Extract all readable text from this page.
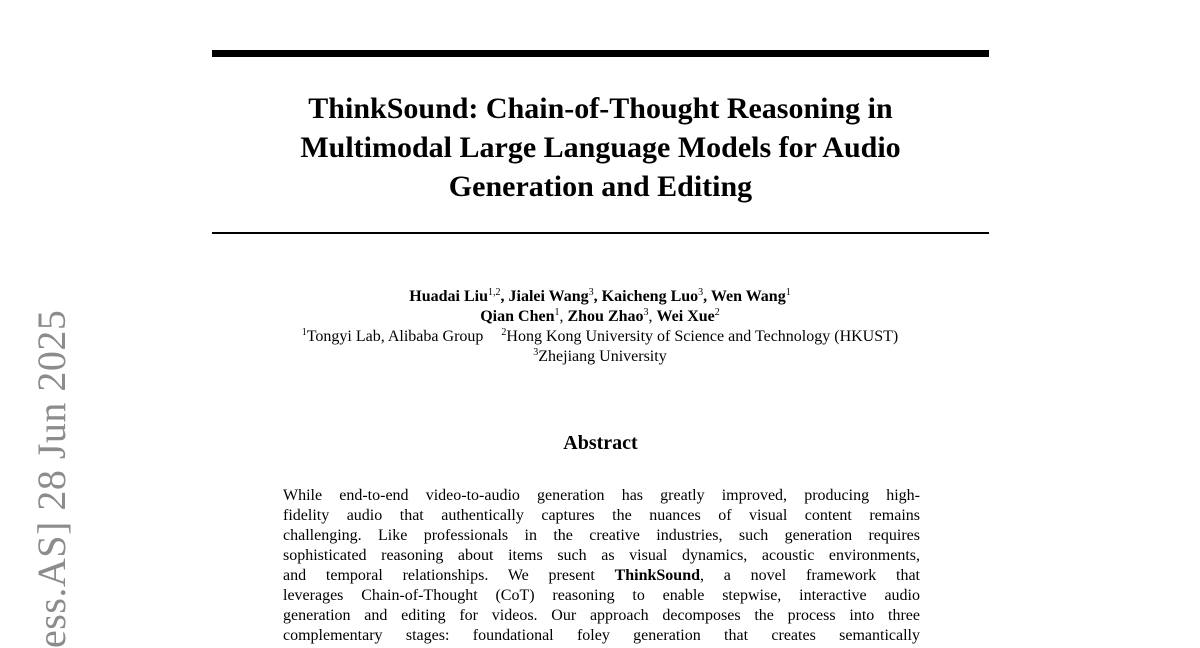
ess.AS] 28 Jun 2025
ThinkSound: Chain-of-Thought Reasoning in
Multimodal Large Language Models for Audio
Generation and Editing
Huadai Liu$^{1,2}$, Jialei Wang$^3$, Kaicheng Luo$^3$, Wen Wang$^1$
Qian Chen$^1$, Zhou Zhao$^3$, Wei Xue$^2$
$^1$Tongyi Lab, Alibaba Group $^2$Hong Kong University of Science and Technology (HKUST)
$^3$Zhejiang University
Abstract
While end-to-end video-to-audio generation has greatly improved, producing high-
fidelity audio that authentically captures the nuances of visual content remains
challenging. Like professionals in the creative industries, such generation requires
sophisticated reasoning about items such as visual dynamics, acoustic environments,
and temporal relationships. We present ThinkSound, a novel framework that
leverages Chain-of-Thought (CoT) reasoning to enable stepwise, interactive audio
generation and editing for videos. Our approach decomposes the process into three
complementary stages: foundational foley generation that creates semantically
